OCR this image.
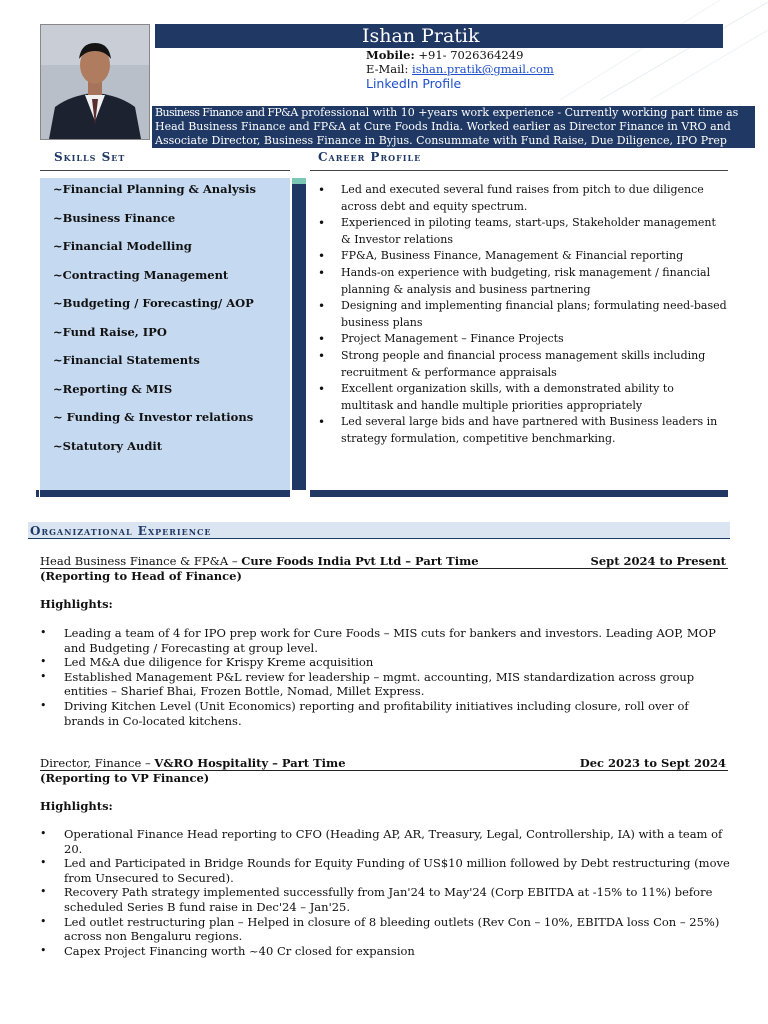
Ishan Pratik
Mobile: +91- 7026364249
E-Mail: ishan.pratik@gmail.com
LinkedIn Profile
Business Finance and FP&A professional with 10 +years work experience - Currently working part time as Head Business Finance and FP&A at Cure Foods India. Worked earlier as Director Finance in VRO and Associate Director, Business Finance in Byjus. Consummate with Fund Raise, Due Diligence, IPO Prep work
Skills Set	Career Profile
~Financial Planning & Analysis
~Business Finance
~Financial Modelling
~Contracting Management
~Budgeting / Forecasting/ AOP
~Fund Raise, IPO
~Financial Statements
~Reporting & MIS
~ Funding & Investor relations
~Statutory Audit
• Led and executed several fund raises from pitch to due diligence across debt and equity spectrum.
• Experienced in piloting teams, start-ups, Stakeholder management & Investor relations
• FP&A, Business Finance, Management & Financial reporting
• Hands-on experience with budgeting, risk management / financial planning & analysis and business partnering
• Designing and implementing financial plans; formulating need-based business plans
• Project Management – Finance Projects
• Strong people and financial process management skills including recruitment & performance appraisals
• Excellent organization skills, with a demonstrated ability to multitask and handle multiple priorities appropriately
• Led several large bids and have partnered with Business leaders in strategy formulation, competitive benchmarking.
Organizational Experience
Head Business Finance & FP&A – Cure Foods India Pvt Ltd – Part Time	Sept 2024 to Present
(Reporting to Head of Finance)
Highlights:
• Leading a team of 4 for IPO prep work for Cure Foods – MIS cuts for bankers and investors. Leading AOP, MOP and Budgeting / Forecasting at group level.
• Led M&A due diligence for Krispy Kreme acquisition
• Established Management P&L review for leadership – mgmt. accounting, MIS standardization across group entities – Sharief Bhai, Frozen Bottle, Nomad, Millet Express.
• Driving Kitchen Level (Unit Economics) reporting and profitability initiatives including closure, roll over of brands in Co-located kitchens.
Director, Finance – V&RO Hospitality – Part Time	Dec 2023 to Sept 2024
(Reporting to VP Finance)
Highlights:
• Operational Finance Head reporting to CFO (Heading AP, AR, Treasury, Legal, Controllership, IA) with a team of 20.
• Led and Participated in Bridge Rounds for Equity Funding of US$10 million followed by Debt restructuring (move from Unsecured to Secured).
• Recovery Path strategy implemented successfully from Jan'24 to May'24 (Corp EBITDA at -15% to 11%) before scheduled Series B fund raise in Dec'24 – Jan'25.
• Led outlet restructuring plan – Helped in closure of 8 bleeding outlets (Rev Con – 10%, EBITDA loss Con – 25%) across non Bengaluru regions.
• Capex Project Financing worth ~40 Cr closed for expansion
